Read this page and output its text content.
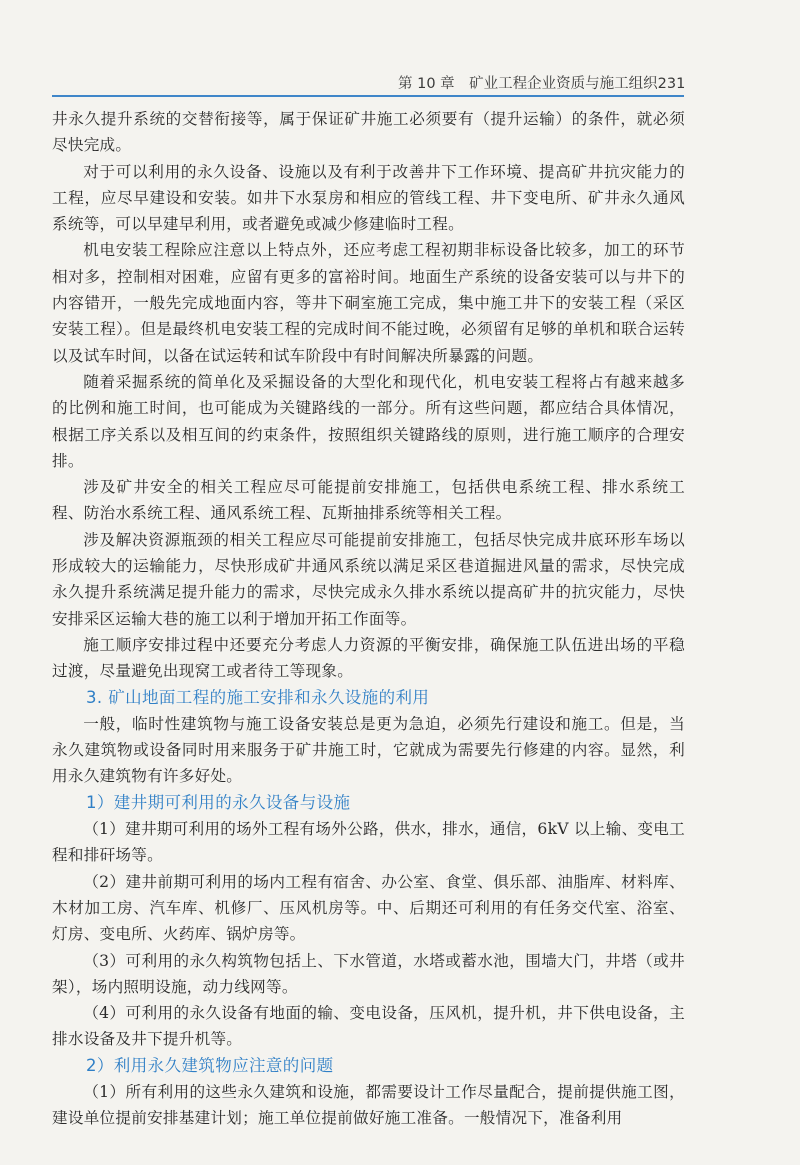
第 10 章　矿业工程企业资质与施工组织 231

井永久提升系统的交替衔接等，属于保证矿井施工必须要有（提升运输）的条件，就必须尽快完成。

对于可以利用的永久设备、设施以及有利于改善井下工作环境、提高矿井抗灾能力的工程，应尽早建设和安装。如井下水泵房和相应的管线工程、井下变电所、矿井永久通风系统等，可以早建早利用，或者避免或减少修建临时工程。

机电安装工程除应注意以上特点外，还应考虑工程初期非标设备比较多，加工的环节相对多，控制相对困难，应留有更多的富裕时间。地面生产系统的设备安装可以与井下的内容错开，一般先完成地面内容，等井下硐室施工完成，集中施工井下的安装工程（采区安装工程）。但是最终机电安装工程的完成时间不能过晚，必须留有足够的单机和联合运转以及试车时间，以备在试运转和试车阶段中有时间解决所暴露的问题。

随着采掘系统的简单化及采掘设备的大型化和现代化，机电安装工程将占有越来越多的比例和施工时间，也可能成为关键路线的一部分。所有这些问题，都应结合具体情况，根据工序关系以及相互间的约束条件，按照组织关键路线的原则，进行施工顺序的合理安排。

涉及矿井安全的相关工程应尽可能提前安排施工，包括供电系统工程、排水系统工程、防治水系统工程、通风系统工程、瓦斯抽排系统等相关工程。

涉及解决资源瓶颈的相关工程应尽可能提前安排施工，包括尽快完成井底环形车场以形成较大的运输能力，尽快形成矿井通风系统以满足采区巷道掘进风量的需求，尽快完成永久提升系统满足提升能力的需求，尽快完成永久排水系统以提高矿井的抗灾能力，尽快安排采区运输大巷的施工以利于增加开拓工作面等。

施工顺序安排过程中还要充分考虑人力资源的平衡安排，确保施工队伍进出场的平稳过渡，尽量避免出现窝工或者待工等现象。

3. 矿山地面工程的施工安排和永久设施的利用

一般，临时性建筑物与施工设备安装总是更为急迫，必须先行建设和施工。但是，当永久建筑物或设备同时用来服务于矿井施工时，它就成为需要先行修建的内容。显然，利用永久建筑物有许多好处。

1）建井期可利用的永久设备与设施

（1）建井期可利用的场外工程有场外公路，供水，排水，通信，6kV 以上输、变电工程和排矸场等。

（2）建井前期可利用的场内工程有宿舍、办公室、食堂、俱乐部、油脂库、材料库、木材加工房、汽车库、机修厂、压风机房等。中、后期还可利用的有任务交代室、浴室、灯房、变电所、火药库、锅炉房等。

（3）可利用的永久构筑物包括上、下水管道，水塔或蓄水池，围墙大门，井塔（或井架），场内照明设施，动力线网等。

（4）可利用的永久设备有地面的输、变电设备，压风机，提升机，井下供电设备，主排水设备及井下提升机等。

2）利用永久建筑物应注意的问题

（1）所有利用的这些永久建筑和设施，都需要设计工作尽量配合，提前提供施工图，建设单位提前安排基建计划；施工单位提前做好施工准备。一般情况下，准备利用
